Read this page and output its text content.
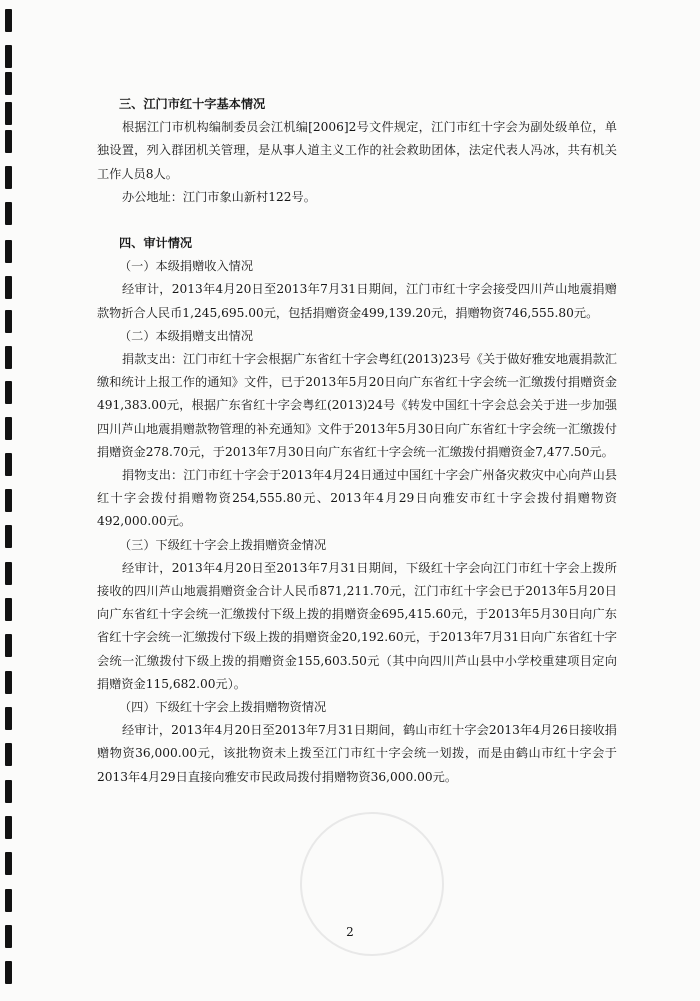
三、江门市红十字基本情况

根据江门市机构编制委员会江机编[2006]2号文件规定，江门市红十字会为副处级单位，单独设置，列入群团机关管理，是从事人道主义工作的社会救助团体，法定代表人冯冰，共有机关工作人员8人。

办公地址：江门市象山新村122号。

四、审计情况

（一）本级捐赠收入情况

经审计，2013年4月20日至2013年7月31日期间，江门市红十字会接受四川芦山地震捐赠款物折合人民币1,245,695.00元，包括捐赠资金499,139.20元，捐赠物资746,555.80元。

（二）本级捐赠支出情况

捐款支出：江门市红十字会根据广东省红十字会粤红(2013)23号《关于做好雅安地震捐款汇缴和统计上报工作的通知》文件，已于2013年5月20日向广东省红十字会统一汇缴拨付捐赠资金491,383.00元，根据广东省红十字会粤红(2013)24号《转发中国红十字会总会关于进一步加强四川芦山地震捐赠款物管理的补充通知》文件于2013年5月30日向广东省红十字会统一汇缴拨付捐赠资金278.70元，于2013年7月30日向广东省红十字会统一汇缴拨付捐赠资金7,477.50元。

捐物支出：江门市红十字会于2013年4月24日通过中国红十字会广州备灾救灾中心向芦山县红十字会拨付捐赠物资254,555.80元、2013年4月29日向雅安市红十字会拨付捐赠物资492,000.00元。

（三）下级红十字会上拨捐赠资金情况

经审计，2013年4月20日至2013年7月31日期间，下级红十字会向江门市红十字会上拨所接收的四川芦山地震捐赠资金合计人民币871,211.70元，江门市红十字会已于2013年5月20日向广东省红十字会统一汇缴拨付下级上拨的捐赠资金695,415.60元，于2013年5月30日向广东省红十字会统一汇缴拨付下级上拨的捐赠资金20,192.60元，于2013年7月31日向广东省红十字会统一汇缴拨付下级上拨的捐赠资金155,603.50元（其中向四川芦山县中小学校重建项目定向捐赠资金115,682.00元）。

（四）下级红十字会上拨捐赠物资情况

经审计，2013年4月20日至2013年7月31日期间，鹤山市红十字会2013年4月26日接收捐赠物资36,000.00元，该批物资未上拨至江门市红十字会统一划拨，而是由鹤山市红十字会于2013年4月29日直接向雅安市民政局拨付捐赠物资36,000.00元。

2
